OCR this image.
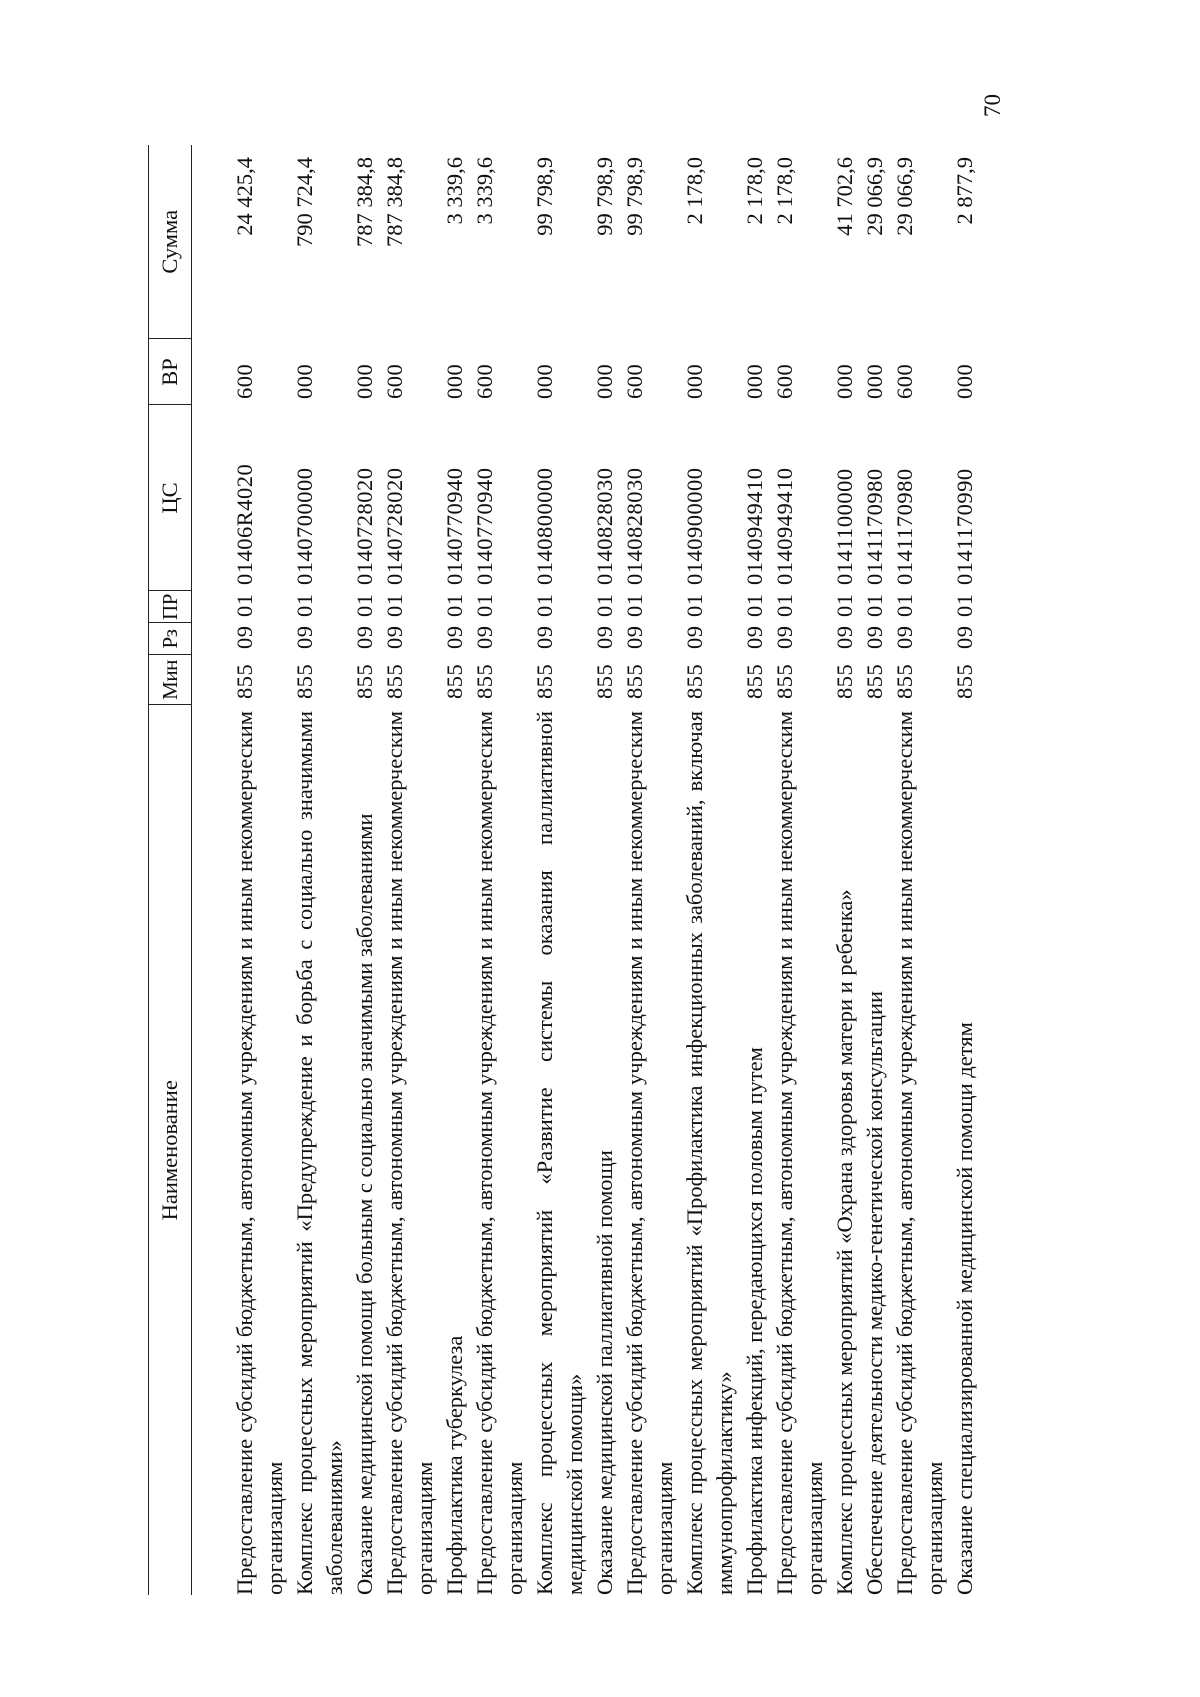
70
Наименование	Мин	Рз	ПР	ЦС	ВР	Сумма
Предоставление субсидий бюджетным, автономным учреждениям и иным некоммерческим организациям	855	09	01	01406R4020	600	24 425,4
Комплекс процессных мероприятий «Предупреждение и борьба с социально значимыми заболеваниями»	855	09	01	0140700000	000	790 724,4
Оказание медицинской помощи больным с социально значимыми заболеваниями	855	09	01	0140728020	000	787 384,8
Предоставление субсидий бюджетным, автономным учреждениям и иным некоммерческим организациям	855	09	01	0140728020	600	787 384,8
Профилактика туберкулеза	855	09	01	0140770940	000	3 339,6
Предоставление субсидий бюджетным, автономным учреждениям и иным некоммерческим организациям	855	09	01	0140770940	600	3 339,6
Комплекс процессных мероприятий «Развитие системы оказания паллиативной медицинской помощи»	855	09	01	0140800000	000	99 798,9
Оказание медицинской паллиативной помощи	855	09	01	0140828030	000	99 798,9
Предоставление субсидий бюджетным, автономным учреждениям и иным некоммерческим организациям	855	09	01	0140828030	600	99 798,9
Комплекс процессных мероприятий «Профилактика инфекционных заболеваний, включая иммунопрофилактику»	855	09	01	0140900000	000	2 178,0
Профилактика инфекций, передающихся половым путем	855	09	01	0140949410	000	2 178,0
Предоставление субсидий бюджетным, автономным учреждениям и иным некоммерческим организациям	855	09	01	0140949410	600	2 178,0
Комплекс процессных мероприятий «Охрана здоровья матери и ребенка»	855	09	01	0141100000	000	41 702,6
Обеспечение деятельности медико-генетической консультации	855	09	01	0141170980	000	29 066,9
Предоставление субсидий бюджетным, автономным учреждениям и иным некоммерческим организациям	855	09	01	0141170980	600	29 066,9
Оказание специализированной медицинской помощи детям	855	09	01	0141170990	000	2 877,9
